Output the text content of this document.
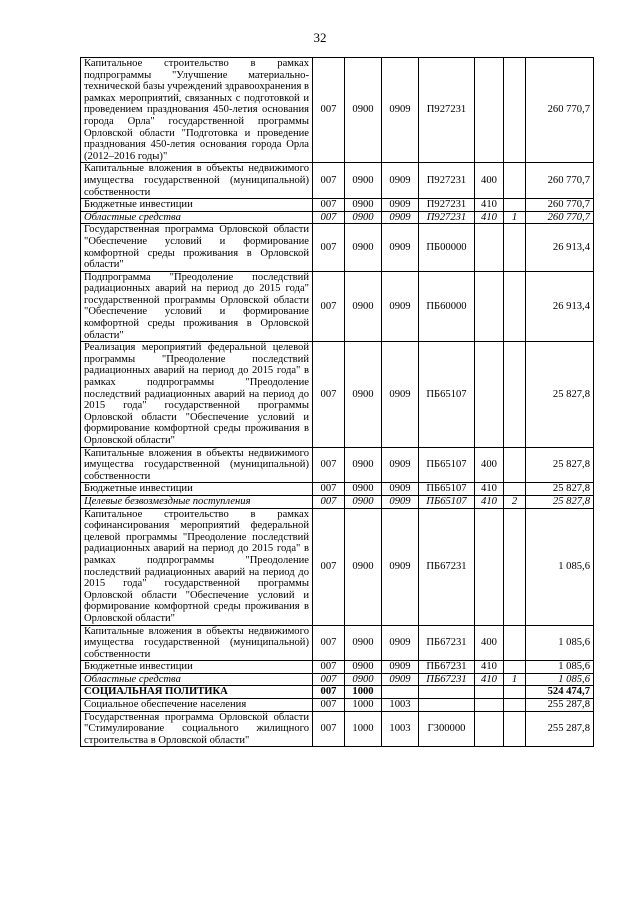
32
Капитальное строительство в рамках подпрограммы "Улучшение материально-технической базы учреждений здравоохранения в рамках мероприятий, связанных с подготовкой и проведением празднования 450-летия основания города Орла" государственной программы Орловской области "Подготовка и проведение празднования 450-летия основания города Орла (2012–2016 годы)"	007	0900	0909	П927231			260 770,7
Капитальные вложения в объекты недвижимого имущества государственной (муниципальной) собственности	007	0900	0909	П927231	400		260 770,7
Бюджетные инвестиции	007	0900	0909	П927231	410		260 770,7
Областные средства	007	0900	0909	П927231	410	1	260 770,7
Государственная программа Орловской области "Обеспечение условий и формирование комфортной среды проживания в Орловской области"	007	0900	0909	ПБ00000			26 913,4
Подпрограмма "Преодоление последствий радиационных аварий на период до 2015 года" государственной программы Орловской области "Обеспечение условий и формирование комфортной среды проживания в Орловской области"	007	0900	0909	ПБ60000			26 913,4
Реализация мероприятий федеральной целевой программы "Преодоление последствий радиационных аварий на период до 2015 года" в рамках подпрограммы "Преодоление последствий радиационных аварий на период до 2015 года" государственной программы Орловской области "Обеспечение условий и формирование комфортной среды проживания в Орловской области"	007	0900	0909	ПБ65107			25 827,8
Капитальные вложения в объекты недвижимого имущества государственной (муниципальной) собственности	007	0900	0909	ПБ65107	400		25 827,8
Бюджетные инвестиции	007	0900	0909	ПБ65107	410		25 827,8
Целевые безвозмездные поступления	007	0900	0909	ПБ65107	410	2	25 827,8
Капитальное строительство в рамках софинансирования мероприятий федеральной целевой программы "Преодоление последствий радиационных аварий на период до 2015 года" в рамках подпрограммы "Преодоление последствий радиационных аварий на период до 2015 года" государственной программы Орловской области "Обеспечение условий и формирование комфортной среды проживания в Орловской области"	007	0900	0909	ПБ67231			1 085,6
Капитальные вложения в объекты недвижимого имущества государственной (муниципальной) собственности	007	0900	0909	ПБ67231	400		1 085,6
Бюджетные инвестиции	007	0900	0909	ПБ67231	410		1 085,6
Областные средства	007	0900	0909	ПБ67231	410	1	1 085,6
СОЦИАЛЬНАЯ ПОЛИТИКА	007	1000					524 474,7
Социальное обеспечение населения	007	1000	1003				255 287,8
Государственная программа Орловской области "Стимулирование социального жилищного строительства в Орловской области"	007	1000	1003	Г300000			255 287,8
